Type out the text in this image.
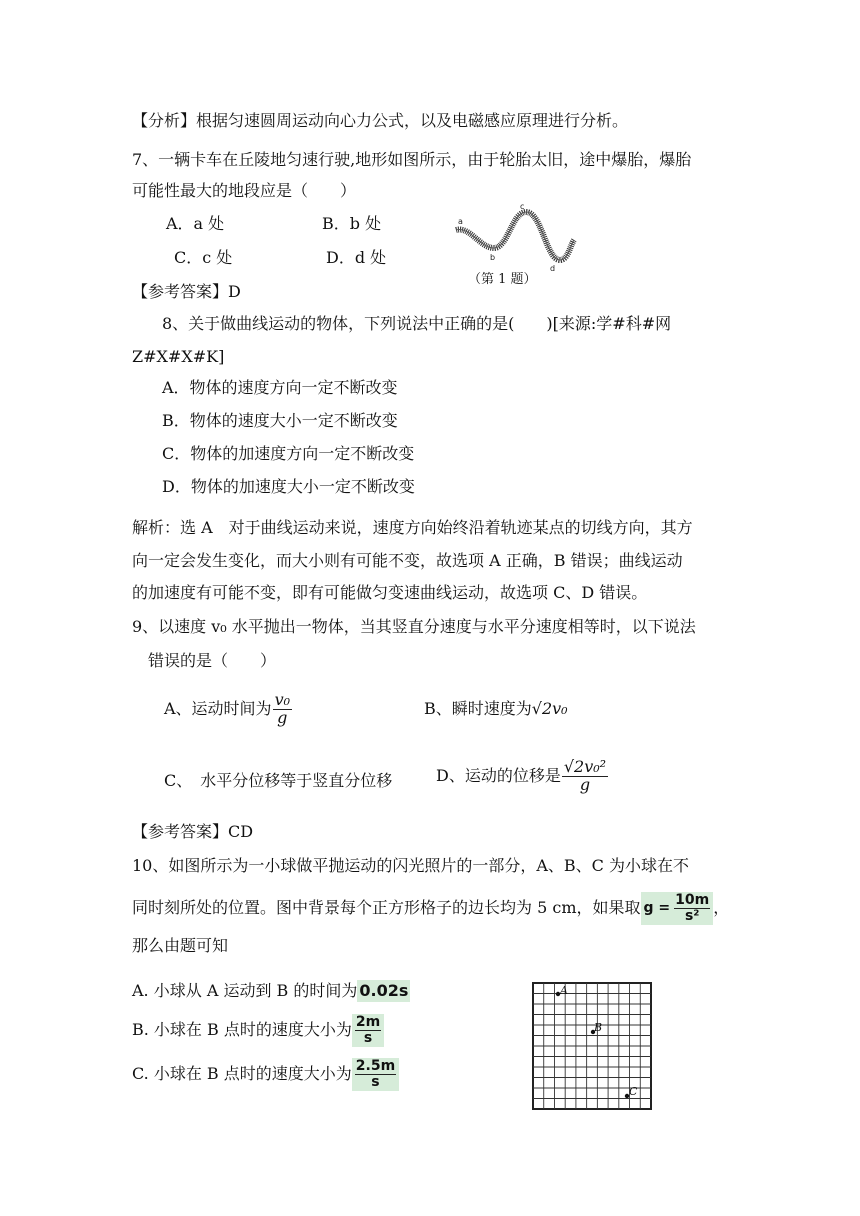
【分析】根据匀速圆周运动向心力公式，以及电磁感应原理进行分析。
7、一辆卡车在丘陵地匀速行驶,地形如图所示，由于轮胎太旧，途中爆胎，爆胎
可能性最大的地段应是（　　）
A．a 处	B．b 处
C．c 处	D．d 处
a
b
c
d
（第 1 题）
【参考答案】D
8、关于做曲线运动的物体，下列说法中正确的是(　　)[来源:学#科#网
Z#X#X#K]
A．物体的速度方向一定不断改变
B．物体的速度大小一定不断改变
C．物体的加速度方向一定不断改变
D．物体的加速度大小一定不断改变
解析：选 A　对于曲线运动来说，速度方向始终沿着轨迹某点的切线方向，其方
向一定会发生变化，而大小则有可能不变，故选项 A 正确，B 错误；曲线运动
的加速度有可能不变，即有可能做匀变速曲线运动，故选项 C、D 错误。
9、以速度 v₀ 水平抛出一物体，当其竖直分速度与水平分速度相等时，以下说法
错误的是（　　）
A、运动时间为 $\frac{\text{v₀}}{g}$	B、瞬时速度为√2v₀
C、　水平分位移等于竖直分位移	D、运动的位移是 $\frac{\text{√2v₀²}}{g}$
【参考答案】CD
10、如图所示为一小球做平抛运动的闪光照片的一部分，A、B、C 为小球在不
同时刻所处的位置。图中背景每个正方形格子的边长均为 5 cm，如果取 $g = \frac{10m}{\text{s²}}$ ，
那么由题可知
A. 小球从 A 运动到 B 的时间为 0.02s
B. 小球在 B 点时的速度大小为 $\frac{2m}{s}$
C. 小球在 B 点时的速度大小为 $\frac{2.5m}{s}$
A
B
C
